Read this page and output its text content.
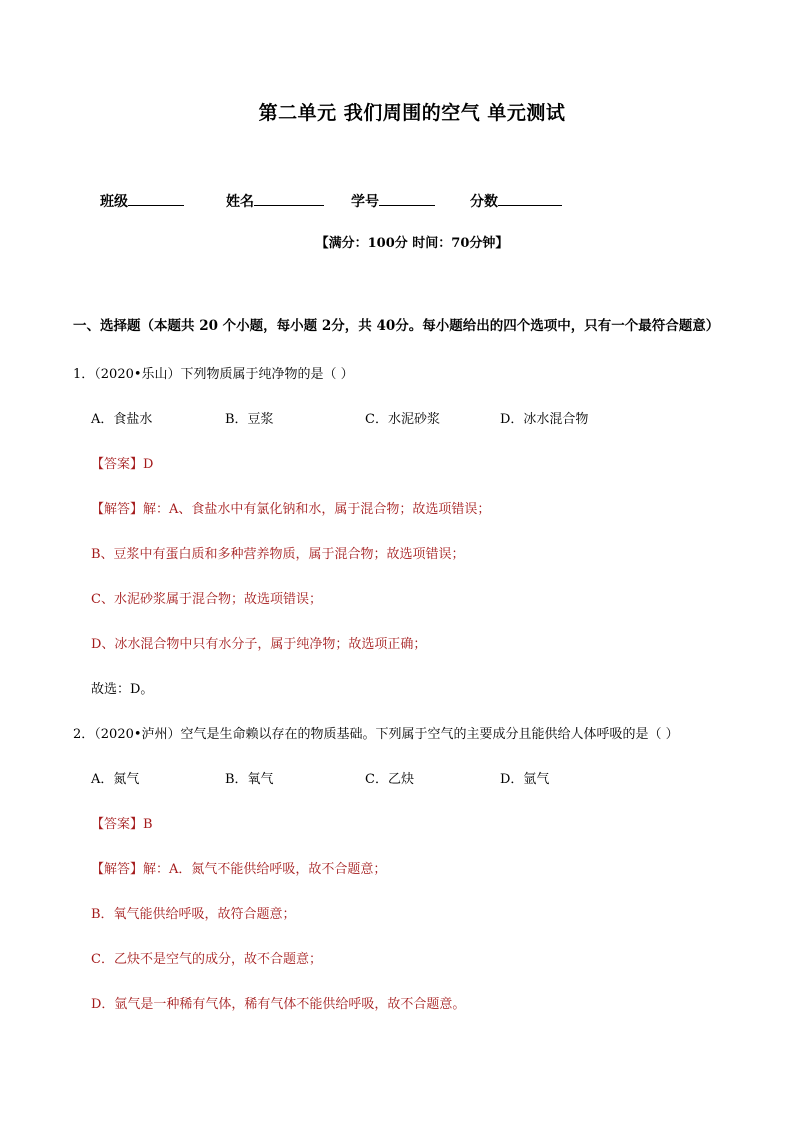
第二单元 我们周围的空气 单元测试
班级	姓名	学号	分数
【满分：100分 时间：70分钟】
一、选择题（本题共 20 个小题，每小题 2分，共 40分。每小题给出的四个选项中，只有一个最符合题意）
1．（2020•乐山）下列物质属于纯净物的是（ ）
A．食盐水	B．豆浆	C．水泥砂浆	D．冰水混合物
【答案】D
【解答】解：A、食盐水中有氯化钠和水，属于混合物；故选项错误；
B、豆浆中有蛋白质和多种营养物质，属于混合物；故选项错误；
C、水泥砂浆属于混合物；故选项错误；
D、冰水混合物中只有水分子，属于纯净物；故选项正确；
故选：D。
2．（2020•泸州）空气是生命赖以存在的物质基础。下列属于空气的主要成分且能供给人体呼吸的是（ ）
A．氮气	B．氧气	C．乙炔	D．氩气
【答案】B
【解答】解：A．氮气不能供给呼吸，故不合题意；
B．氧气能供给呼吸，故符合题意；
C．乙炔不是空气的成分，故不合题意；
D．氩气是一种稀有气体，稀有气体不能供给呼吸，故不合题意。
